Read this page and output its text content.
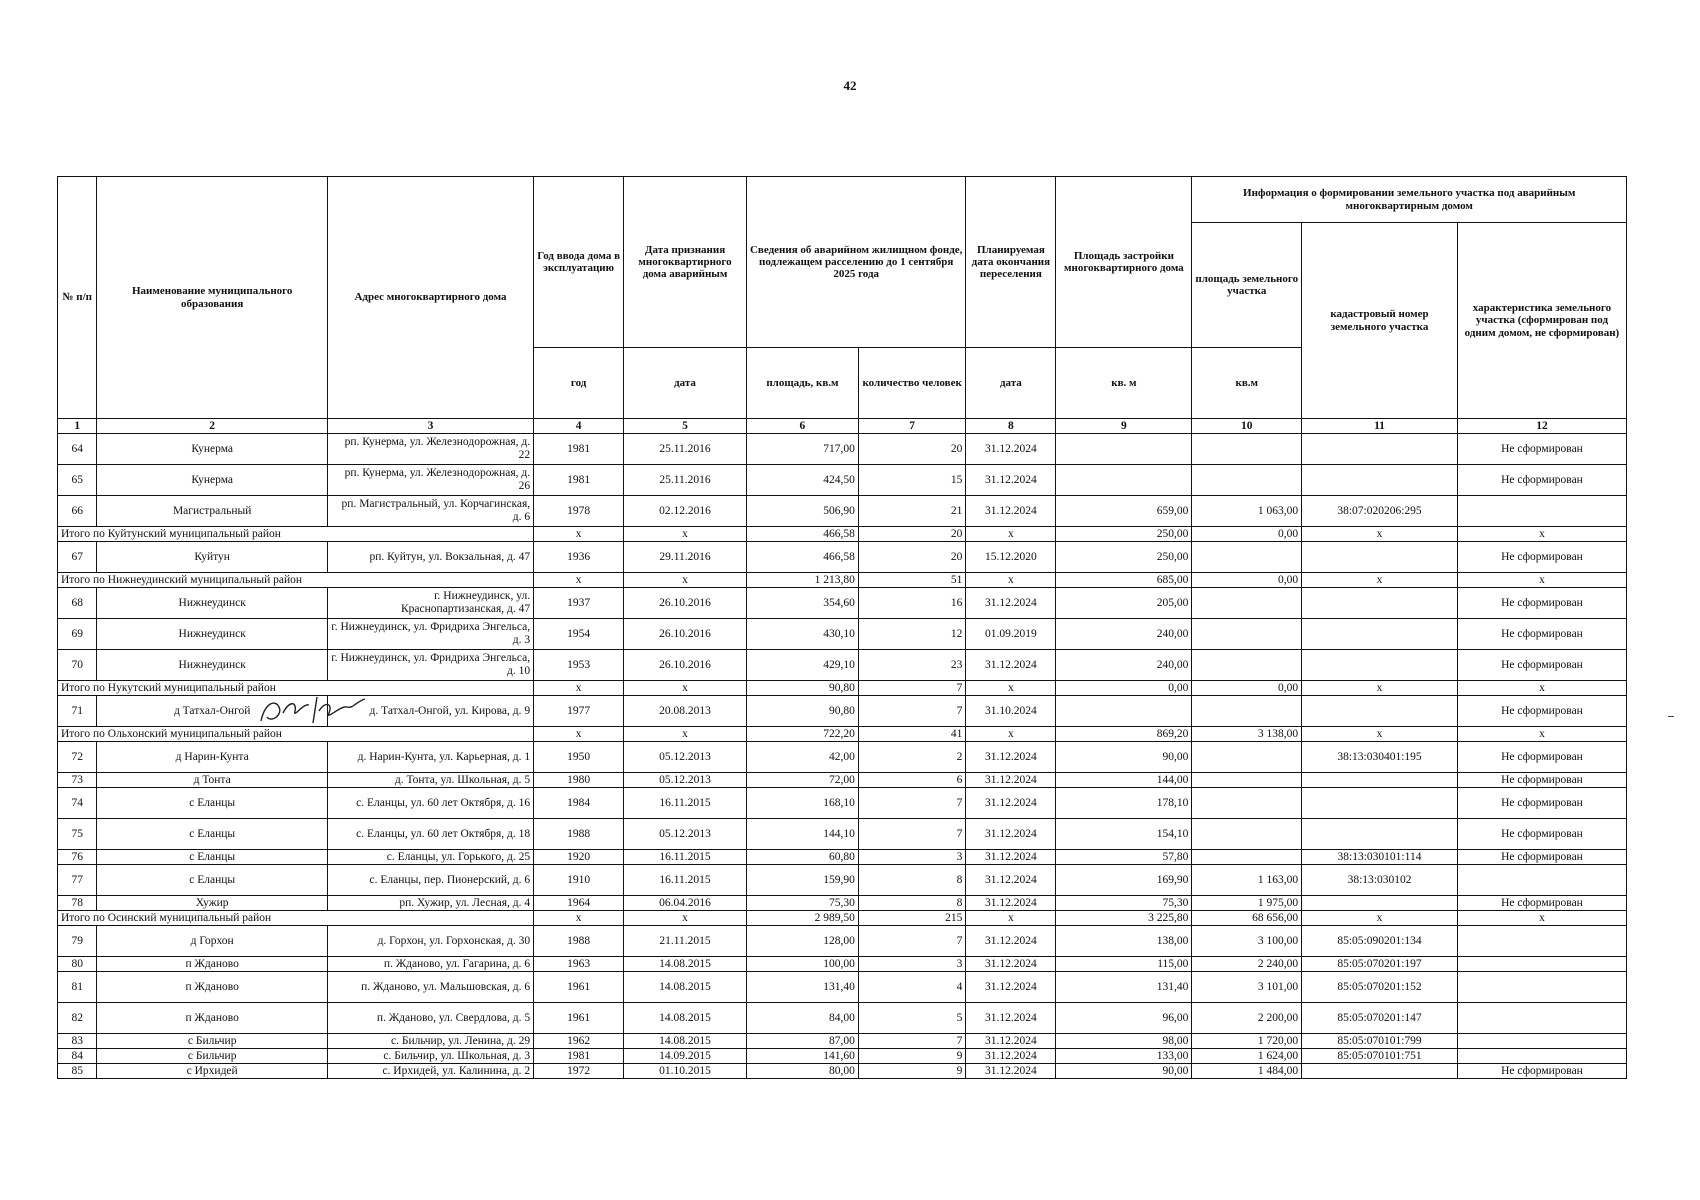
42
№ п/п	Наименование муниципального образования	Адрес многоквартирного дома	Год ввода дома в эксплуатацию	Дата признания многоквартирного дома аварийным	Сведения об аварийном жилищном фонде, подлежащем расселению до 1 сентября 2025 года		Планируемая дата окончания переселения	Площадь застройки многоквартирного дома	Информация о формировании земельного участка под аварийным многоквартирным домом		
									площадь земельного участка	кадастровый номер земельного участка	характеристика земельного участка (сформирован под одним домом, не сформирован)
			год	дата	площадь, кв.м	количество человек	дата	кв. м	кв.м		
1	2	3	4	5	6	7	8	9	10	11	12
64	Кунерма	рп. Кунерма, ул. Железнодорожная, д. 22	1981	25.11.2016	717,00	20	31.12.2024				Не сформирован
65	Кунерма	рп. Кунерма, ул. Железнодорожная, д. 26	1981	25.11.2016	424,50	15	31.12.2024				Не сформирован
66	Магистральный	рп. Магистральный, ул. Корчагинская, д. 6	1978	02.12.2016	506,90	21	31.12.2024	659,00	1 063,00	38:07:020206:295	
Итого по Куйтунский муниципальный район			x	x	466,58	20	x	250,00	0,00	x	x
67	Куйтун	рп. Куйтун, ул. Вокзальная, д. 47	1936	29.11.2016	466,58	20	15.12.2020	250,00			Не сформирован
Итого по Нижнеудинский муниципальный район			x	x	1 213,80	51	x	685,00	0,00	x	x
68	Нижнеудинск	г. Нижнеудинск, ул. Краснопартизанская, д. 47	1937	26.10.2016	354,60	16	31.12.2024	205,00			Не сформирован
69	Нижнеудинск	г. Нижнеудинск, ул. Фридриха Энгельса, д. 3	1954	26.10.2016	430,10	12	01.09.2019	240,00			Не сформирован
70	Нижнеудинск	г. Нижнеудинск, ул. Фридриха Энгельса, д. 10	1953	26.10.2016	429,10	23	31.12.2024	240,00			Не сформирован
Итого по Нукутский муниципальный район			x	x	90,80	7	x	0,00	0,00	x	x
71	д Татхал-Онгой	д. Татхал-Онгой, ул. Кирова, д. 9	1977	20.08.2013	90,80	7	31.10.2024				Не сформирован
Итого по Ольхонский муниципальный район			x	x	722,20	41	x	869,20	3 138,00	x	x
72	д Нарин-Кунта	д. Нарин-Кунта, ул. Карьерная, д. 1	1950	05.12.2013	42,00	2	31.12.2024	90,00		38:13:030401:195	Не сформирован
73	д Тонта	д. Тонта, ул. Школьная, д. 5	1980	05.12.2013	72,00	6	31.12.2024	144,00			Не сформирован
74	с Еланцы	с. Еланцы, ул. 60 лет Октября, д. 16	1984	16.11.2015	168,10	7	31.12.2024	178,10			Не сформирован
75	с Еланцы	с. Еланцы, ул. 60 лет Октября, д. 18	1988	05.12.2013	144,10	7	31.12.2024	154,10			Не сформирован
76	с Еланцы	с. Еланцы, ул. Горького, д. 25	1920	16.11.2015	60,80	3	31.12.2024	57,80		38:13:030101:114	Не сформирован
77	с Еланцы	с. Еланцы, пер. Пионерский, д. 6	1910	16.11.2015	159,90	8	31.12.2024	169,90	1 163,00	38:13:030102	
78	Хужир	рп. Хужир, ул. Лесная, д. 4	1964	06.04.2016	75,30	8	31.12.2024	75,30	1 975,00		Не сформирован
Итого по Осинский муниципальный район			x	x	2 989,50	215	x	3 225,80	68 656,00	x	x
79	д Горхон	д. Горхон, ул. Горхонская, д. 30	1988	21.11.2015	128,00	7	31.12.2024	138,00	3 100,00	85:05:090201:134	
80	п Жданово	п. Жданово, ул. Гагарина, д. 6	1963	14.08.2015	100,00	3	31.12.2024	115,00	2 240,00	85:05:070201:197	
81	п Жданово	п. Жданово, ул. Мальшовская, д. 6	1961	14.08.2015	131,40	4	31.12.2024	131,40	3 101,00	85:05:070201:152	
82	п Жданово	п. Жданово, ул. Свердлова, д. 5	1961	14.08.2015	84,00	5	31.12.2024	96,00	2 200,00	85:05:070201:147	
83	с Бильчир	с. Бильчир, ул. Ленина, д. 29	1962	14.08.2015	87,00	7	31.12.2024	98,00	1 720,00	85:05:070101:799	
84	с Бильчир	с. Бильчир, ул. Школьная, д. 3	1981	14.09.2015	141,60	9	31.12.2024	133,00	1 624,00	85:05:070101:751	
85	с Ирхидей	с. Ирхидей, ул. Калинина, д. 2	1972	01.10.2015	80,00	9	31.12.2024	90,00	1 484,00		Не сформирован
